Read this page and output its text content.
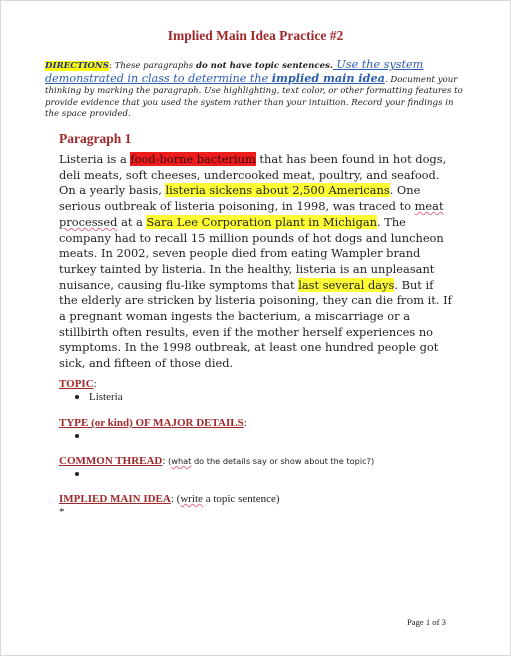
Implied Main Idea Practice #2
DIRECTIONS: These paragraphs do not have topic sentences. Use the system demonstrated in class to determine the implied main idea. Document your thinking by marking the paragraph. Use highlighting, text color, or other formatting features to provide evidence that you used the system rather than your intuition. Record your findings in the space provided.
Paragraph 1
Listeria is a food-borne bacterium that has been found in hot dogs, deli meats, soft cheeses, undercooked meat, poultry, and seafood. On a yearly basis, listeria sickens about 2,500 Americans. One serious outbreak of listeria poisoning, in 1998, was traced to meat processed at a Sara Lee Corporation plant in Michigan. The company had to recall 15 million pounds of hot dogs and luncheon meats. In 2002, seven people died from eating Wampler brand turkey tainted by listeria. In the healthy, listeria is an unpleasant nuisance, causing flu-like symptoms that last several days. But if the elderly are stricken by listeria poisoning, they can die from it. If a pregnant woman ingests the bacterium, a miscarriage or a stillbirth often results, even if the mother herself experiences no symptoms. In the 1998 outbreak, at least one hundred people got sick, and fifteen of those died.
TOPIC:
Listeria
TYPE (or kind) OF MAJOR DETAILS:
COMMON THREAD: (what do the details say or show about the topic?)
IMPLIED MAIN IDEA: (write a topic sentence)
*
Page 1 of 3
